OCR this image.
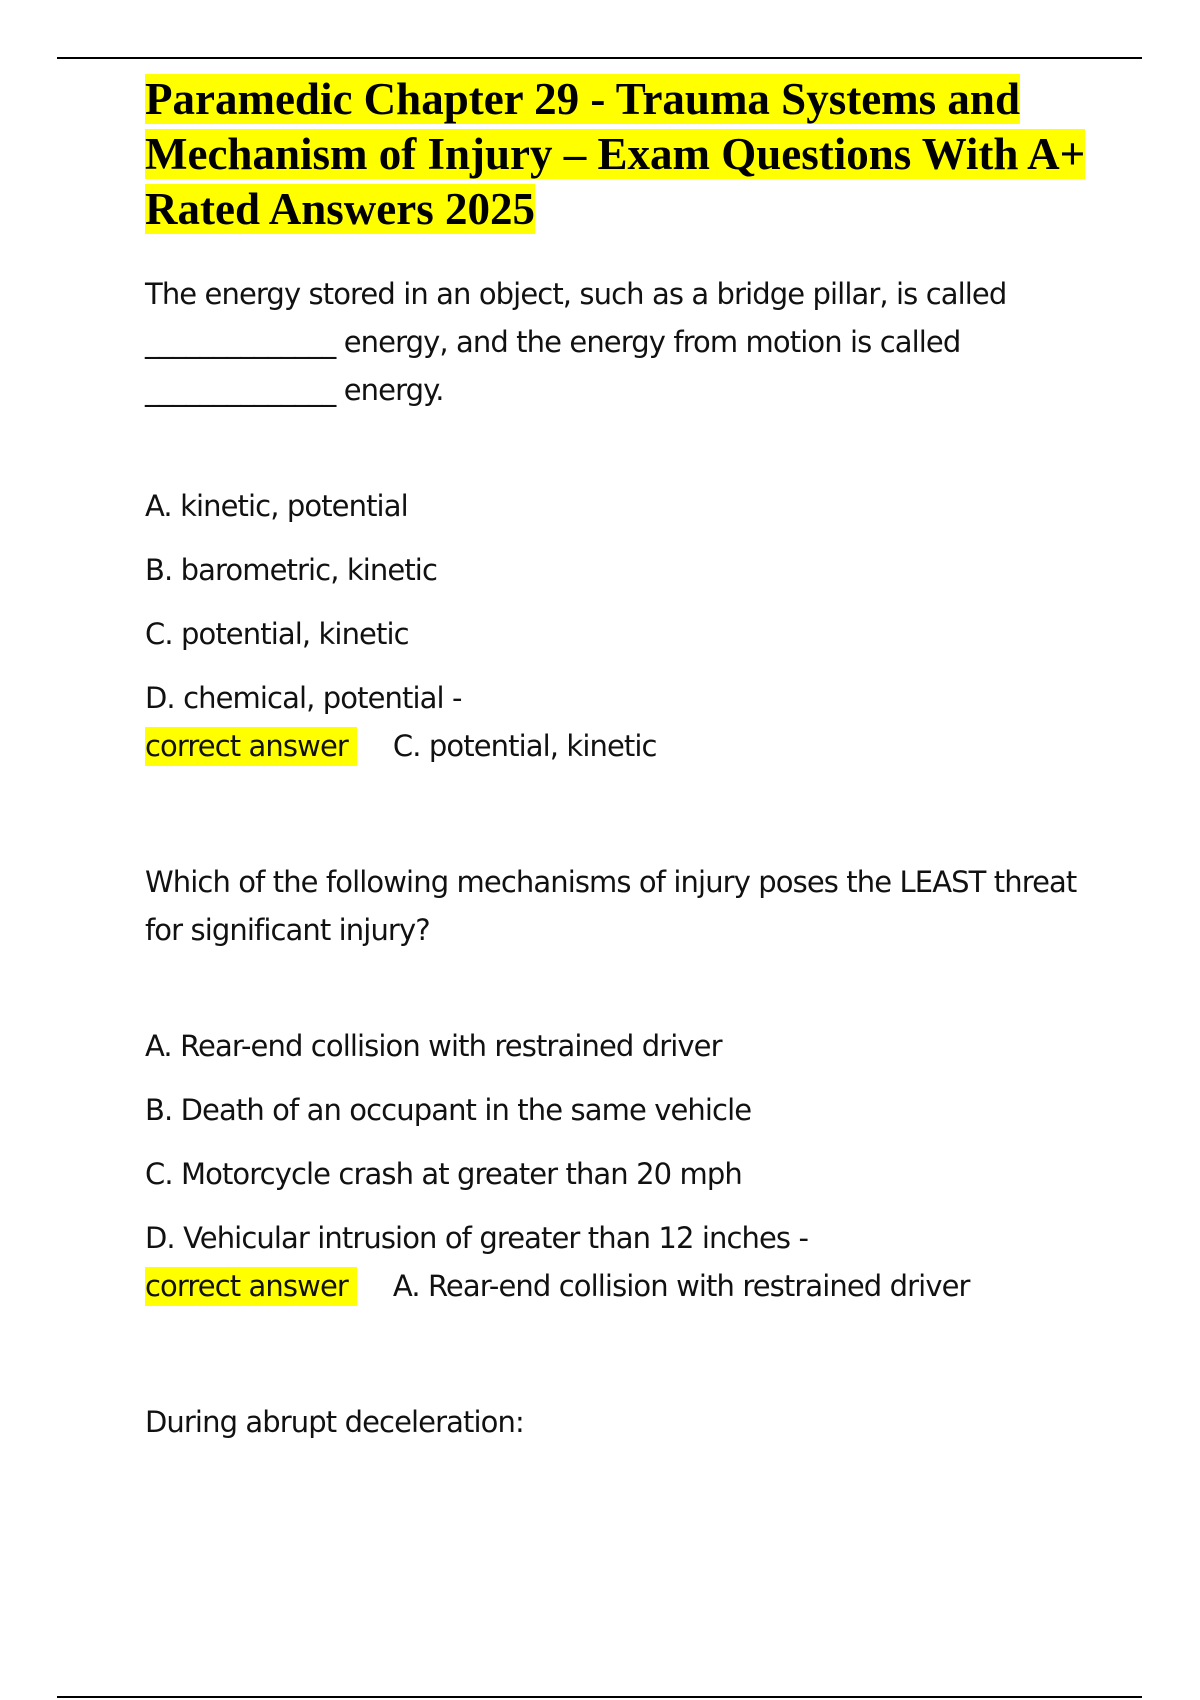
Paramedic Chapter 29 - Trauma Systems and Mechanism of Injury – Exam Questions With A+ Rated Answers 2025

The energy stored in an object, such as a bridge pillar, is called ______________ energy, and the energy from motion is called ______________ energy.

A. kinetic, potential

B. barometric, kinetic

C. potential, kinetic

D. chemical, potential -

correct answer C. potential, kinetic

Which of the following mechanisms of injury poses the LEAST threat for significant injury?

A. Rear-end collision with restrained driver

B. Death of an occupant in the same vehicle

C. Motorcycle crash at greater than 20 mph

D. Vehicular intrusion of greater than 12 inches -

correct answer A. Rear-end collision with restrained driver

During abrupt deceleration:
